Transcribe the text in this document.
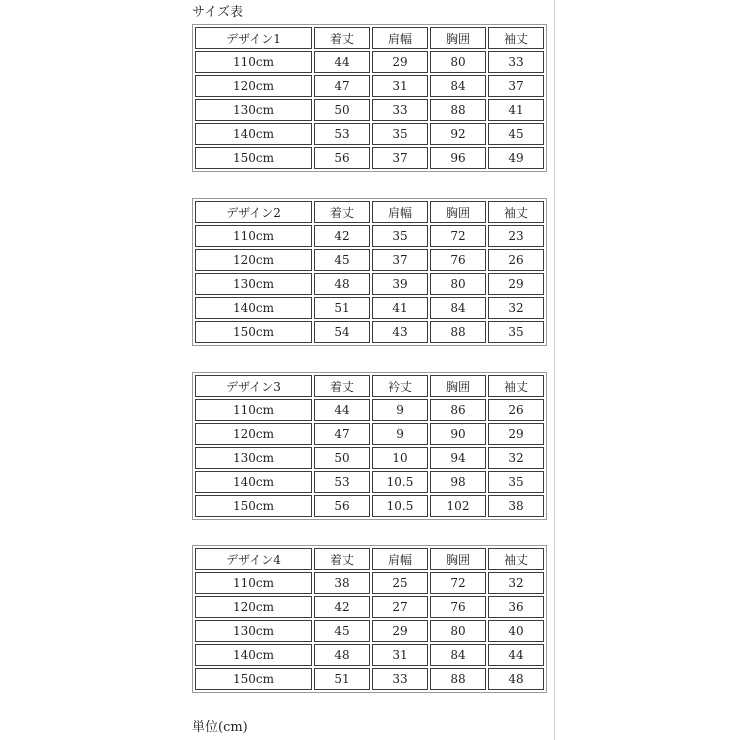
サイズ表
デザイン1	着丈	肩幅	胸囲	袖丈
110cm	44	29	80	33
120cm	47	31	84	37
130cm	50	33	88	41
140cm	53	35	92	45
150cm	56	37	96	49
デザイン2	着丈	肩幅	胸囲	袖丈
110cm	42	35	72	23
120cm	45	37	76	26
130cm	48	39	80	29
140cm	51	41	84	32
150cm	54	43	88	35
デザイン3	着丈	衿丈	胸囲	袖丈
110cm	44	9	86	26
120cm	47	9	90	29
130cm	50	10	94	32
140cm	53	10.5	98	35
150cm	56	10.5	102	38
デザイン4	着丈	肩幅	胸囲	袖丈
110cm	38	25	72	32
120cm	42	27	76	36
130cm	45	29	80	40
140cm	48	31	84	44
150cm	51	33	88	48
単位(cm)
